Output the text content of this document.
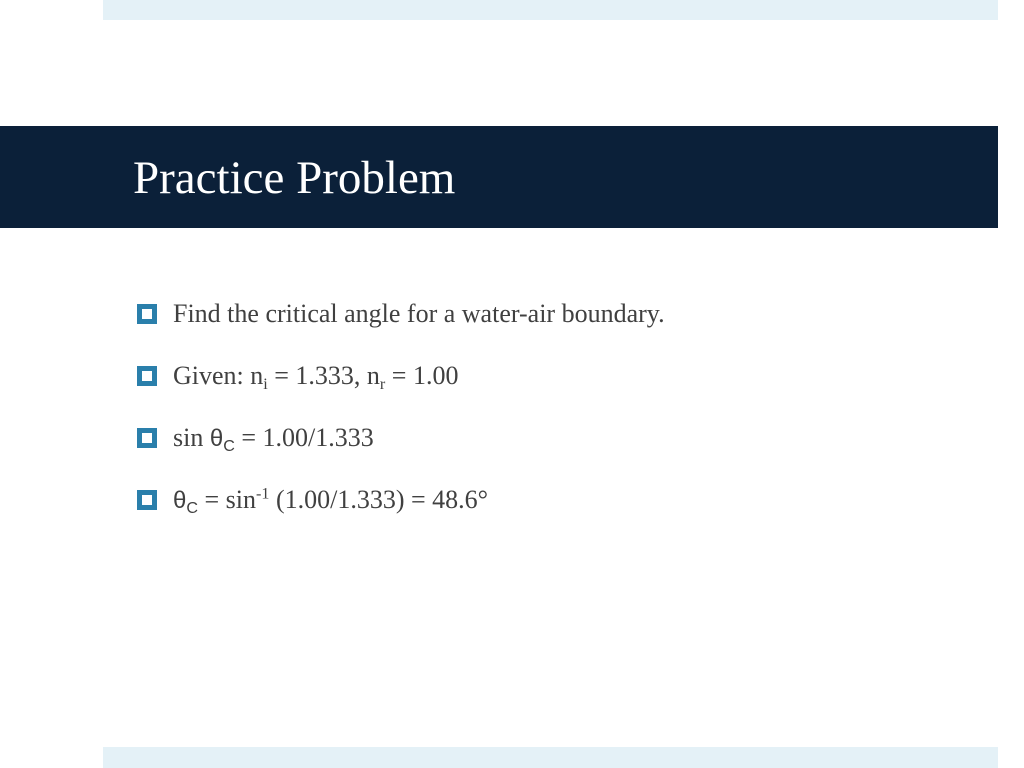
Practice Problem
Find the critical angle for a water-air boundary.
Given: $n_i = 1.333$, $n_r = 1.00$
$\sin \theta_C = 1.00/1.333$
$\theta_C = \sin^{-1} (1.00/1.333) = 48.6^\circ$
